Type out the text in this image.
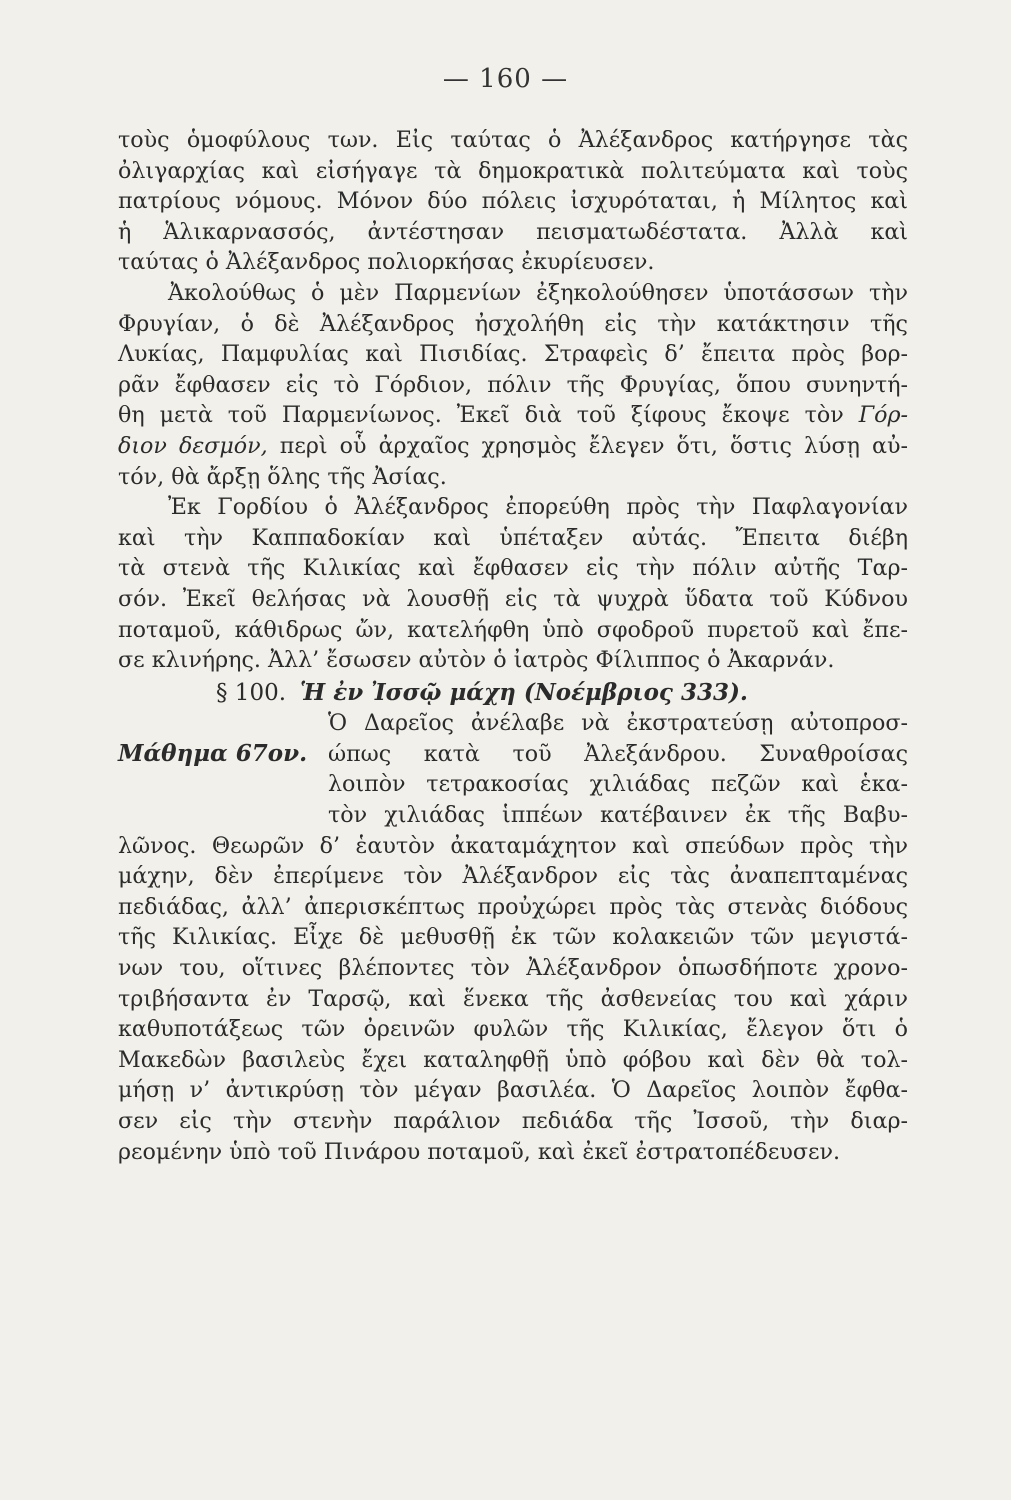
— 160 —
τοὺς ὁμοφύλους των. Εἰς ταύτας ὁ Ἀλέξανδρος κατήργησε τὰς
ὀλιγαρχίας καὶ εἰσήγαγε τὰ δημοκρατικὰ πολιτεύματα καὶ τοὺς
πατρίους νόμους. Μόνον δύο πόλεις ἰσχυρόταται, ἡ Μίλητος καὶ
ἡ Ἁλικαρνασσός, ἀντέστησαν πεισματωδέστατα. Ἀλλὰ καὶ
ταύτας ὁ Ἀλέξανδρος πολιορκήσας ἐκυρίευσεν.
Ἀκολούθως ὁ μὲν Παρμενίων ἐξηκολούθησεν ὑποτάσσων τὴν
Φρυγίαν, ὁ δὲ Ἀλέξανδρος ἠσχολήθη εἰς τὴν κατάκτησιν τῆς
Λυκίας, Παμφυλίας καὶ Πισιδίας. Στραφεὶς δ’ ἔπειτα πρὸς βορ-
ρᾶν ἔφθασεν εἰς τὸ Γόρδιον, πόλιν τῆς Φρυγίας, ὅπου συνηντή-
θη μετὰ τοῦ Παρμενίωνος. Ἐκεῖ διὰ τοῦ ξίφους ἔκοψε τὸν Γόρ-
διον δεσμόν, περὶ οὗ ἀρχαῖος χρησμὸς ἔλεγεν ὅτι, ὅστις λύσῃ αὐ-
τόν, θὰ ἄρξῃ ὅλης τῆς Ἀσίας.
Ἐκ Γορδίου ὁ Ἀλέξανδρος ἐπορεύθη πρὸς τὴν Παφλαγονίαν
καὶ τὴν Καππαδοκίαν καὶ ὑπέταξεν αὐτάς. Ἔπειτα διέβη
τὰ στενὰ τῆς Κιλικίας καὶ ἔφθασεν εἰς τὴν πόλιν αὐτῆς Ταρ-
σόν. Ἐκεῖ θελήσας νὰ λουσθῇ εἰς τὰ ψυχρὰ ὕδατα τοῦ Κύδνου
ποταμοῦ, κάθιδρως ὤν, κατελήφθη ὑπὸ σφοδροῦ πυρετοῦ καὶ ἔπε-
σε κλινήρης. Ἀλλ’ ἔσωσεν αὐτὸν ὁ ἰατρὸς Φίλιππος ὁ Ἀκαρνάν.
§ 100. Ἡ ἐν Ἰσσῷ μάχη (Νοέμβριος 333).
Ὁ Δαρεῖος ἀνέλαβε νὰ ἐκστρατεύσῃ αὐτοπροσ-
Μάθημα 67ον. ώπως κατὰ τοῦ Ἀλεξάνδρου. Συναθροίσας
λοιπὸν τετρακοσίας χιλιάδας πεζῶν καὶ ἑκα-
τὸν χιλιάδας ἱππέων κατέβαινεν ἐκ τῆς Βαβυ-
λῶνος. Θεωρῶν δ’ ἑαυτὸν ἀκαταμάχητον καὶ σπεύδων πρὸς τὴν
μάχην, δὲν ἐπερίμενε τὸν Ἀλέξανδρον εἰς τὰς ἀναπεπταμένας
πεδιάδας, ἀλλ’ ἀπερισκέπτως προὐχώρει πρὸς τὰς στενὰς διόδους
τῆς Κιλικίας. Εἶχε δὲ μεθυσθῇ ἐκ τῶν κολακειῶν τῶν μεγιστά-
νων του, οἵτινες βλέποντες τὸν Ἀλέξανδρον ὁπωσδήποτε χρονο-
τριβήσαντα ἐν Ταρσῷ, καὶ ἕνεκα τῆς ἀσθενείας του καὶ χάριν
καθυποτάξεως τῶν ὀρεινῶν φυλῶν τῆς Κιλικίας, ἔλεγον ὅτι ὁ
Μακεδὼν βασιλεὺς ἔχει καταληφθῇ ὑπὸ φόβου καὶ δὲν θὰ τολ-
μήσῃ ν’ ἀντικρύσῃ τὸν μέγαν βασιλέα. Ὁ Δαρεῖος λοιπὸν ἔφθα-
σεν εἰς τὴν στενὴν παράλιον πεδιάδα τῆς Ἰσσοῦ, τὴν διαρ-
ρεομένην ὑπὸ τοῦ Πινάρου ποταμοῦ, καὶ ἐκεῖ ἐστρατοπέδευσεν.
